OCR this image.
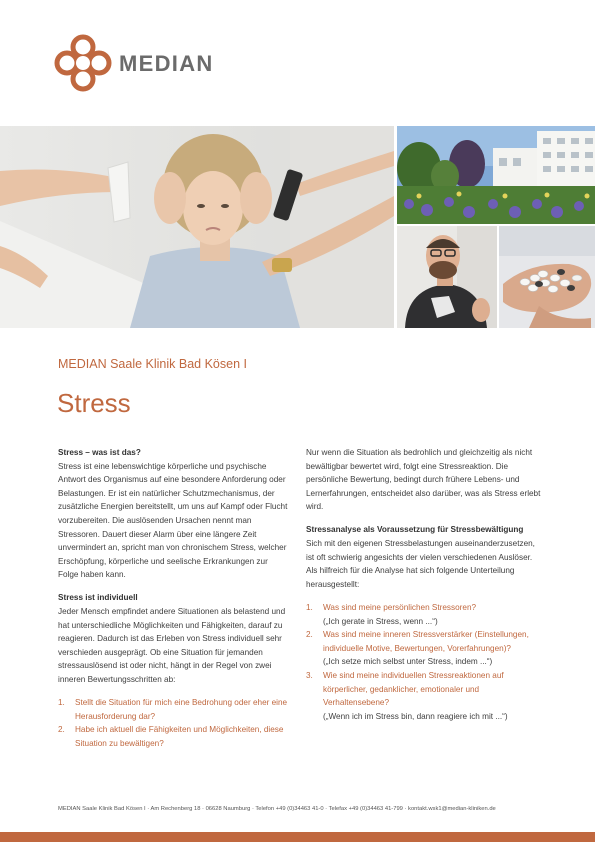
MEDIAN
MEDIAN Saale Klinik Bad Kösen I
Stress

Stress – was ist das?
Stress ist eine lebenswichtige körperliche und psychische Antwort des Organismus auf eine besondere Anforderung oder Belastungen. Er ist ein natürlicher Schutzmechanismus, der zusätzliche Energien bereitstellt, um uns auf Kampf oder Flucht vorzubereiten. Die auslösenden Ursachen nennt man Stressoren. Dauert dieser Alarm über eine längere Zeit unvermindert an, spricht man von chronischem Stress, welcher Erschöpfung, körperliche und seelische Erkrankungen zur Folge haben kann.

Stress ist individuell
Jeder Mensch empfindet andere Situationen als belastend und hat unterschiedliche Möglichkeiten und Fähigkeiten, darauf zu reagieren. Dadurch ist das Erleben von Stress individuell sehr verschieden ausgeprägt. Ob eine Situation für jemanden stressauslösend ist oder nicht, hängt in der Regel von zwei inneren Bewertungsschritten ab:

1. Stellt die Situation für mich eine Bedrohung oder eher eine Herausforderung dar?
2. Habe ich aktuell die Fähigkeiten und Möglichkeiten, diese Situation zu bewältigen?

Nur wenn die Situation als bedrohlich und gleichzeitig als nicht bewältigbar bewertet wird, folgt eine Stressreaktion. Die persönliche Bewertung, bedingt durch frühere Lebens- und Lernerfahrungen, entscheidet also darüber, was als Stress erlebt wird.

Stressanalyse als Voraussetzung für Stressbewältigung
Sich mit den eigenen Stressbelastungen auseinanderzusetzen, ist oft schwierig angesichts der vielen verschiedenen Auslöser. Als hilfreich für die Analyse hat sich folgende Unterteilung herausgestellt:

1. Was sind meine persönlichen Stressoren?
(„Ich gerate in Stress, wenn ...“)
2. Was sind meine inneren Stressverstärker (Einstellungen, individuelle Motive, Bewertungen, Vorerfahrungen)?
(„Ich setze mich selbst unter Stress, indem ...“)
3. Wie sind meine individuellen Stressreaktionen auf körperlicher, gedanklicher, emotionaler und Verhaltensebene?
(„Wenn ich im Stress bin, dann reagiere ich mit ...“)
MEDIAN Saale Klinik Bad Kösen I · Am Rechenberg 18 · 06628 Naumburg · Telefon +49 (0)34463 41-0 · Telefax +49 (0)34463 41-799 · kontakt.wsk1@median-kliniken.de
